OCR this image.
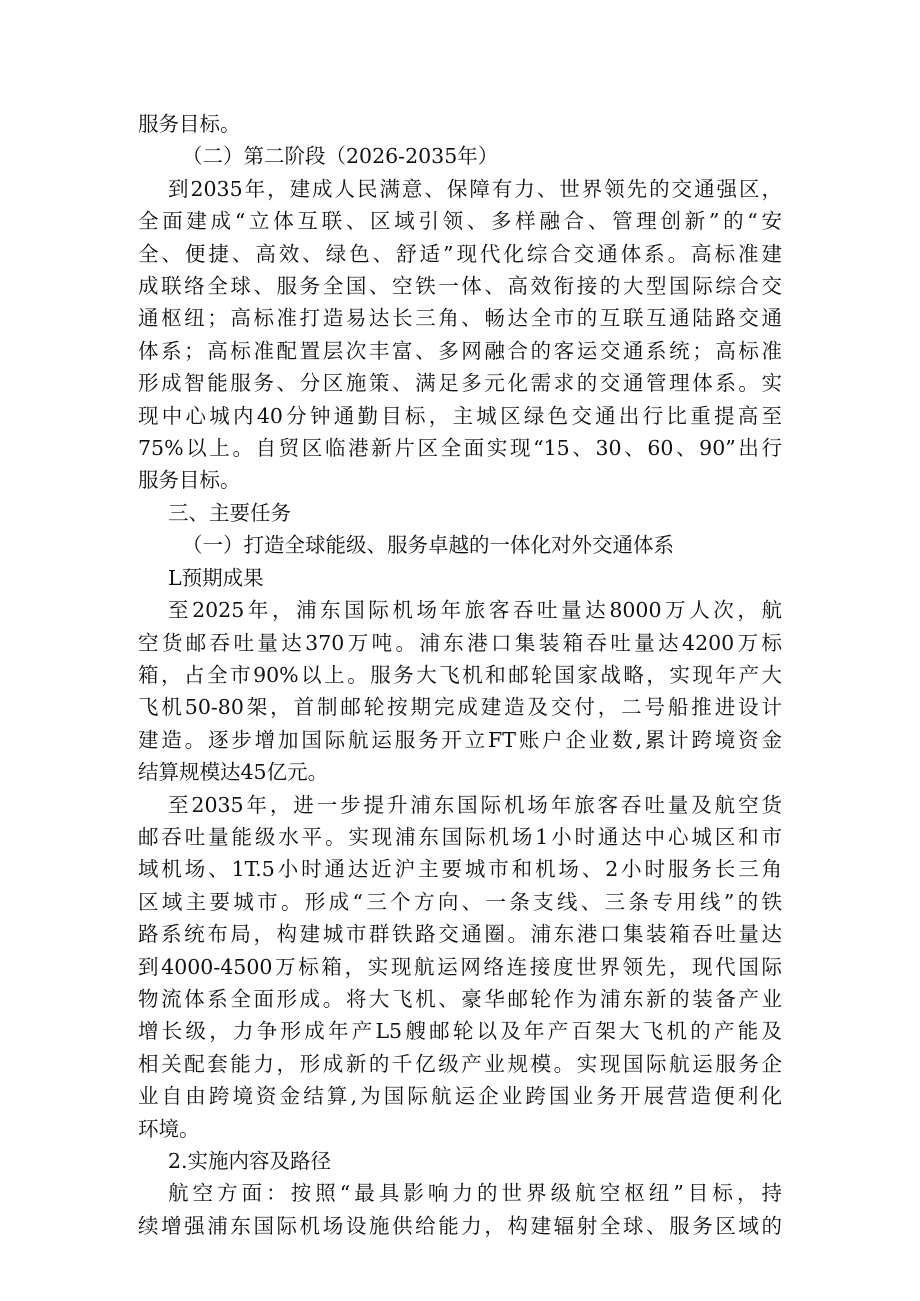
服务目标。
（二）第二阶段（2026-2035年）
到2035年，建成人民满意、保障有力、世界领先的交通强区，
全面建成“立体互联、区域引领、多样融合、管理创新”的“安
全、便捷、高效、绿色、舒适”现代化综合交通体系。高标准建
成联络全球、服务全国、空铁一体、高效衔接的大型国际综合交
通枢纽；高标准打造易达长三角、畅达全市的互联互通陆路交通
体系；高标准配置层次丰富、多网融合的客运交通系统；高标准
形成智能服务、分区施策、满足多元化需求的交通管理体系。实
现中心城内40分钟通勤目标，主城区绿色交通出行比重提高至
75%以上。自贸区临港新片区全面实现“15、30、60、90”出行
服务目标。
三、主要任务
（一）打造全球能级、服务卓越的一体化对外交通体系
L预期成果
至2025年，浦东国际机场年旅客吞吐量达8000万人次，航
空货邮吞吐量达370万吨。浦东港口集装箱吞吐量达4200万标
箱，占全市90%以上。服务大飞机和邮轮国家战略，实现年产大
飞机50-80架，首制邮轮按期完成建造及交付，二号船推进设计
建造。逐步增加国际航运服务开立FT账户企业数,累计跨境资金
结算规模达45亿元。
至2035年，进一步提升浦东国际机场年旅客吞吐量及航空货
邮吞吐量能级水平。实现浦东国际机场1小时通达中心城区和市
域机场、1T.5小时通达近沪主要城市和机场、2小时服务长三角
区域主要城市。形成“三个方向、一条支线、三条专用线”的铁
路系统布局，构建城市群铁路交通圈。浦东港口集装箱吞吐量达
到4000-4500万标箱，实现航运网络连接度世界领先，现代国际
物流体系全面形成。将大飞机、豪华邮轮作为浦东新的装备产业
增长级，力争形成年产L5艘邮轮以及年产百架大飞机的产能及
相关配套能力，形成新的千亿级产业规模。实现国际航运服务企
业自由跨境资金结算,为国际航运企业跨国业务开展营造便利化
环境。
2.实施内容及路径
航空方面：按照“最具影响力的世界级航空枢纽”目标，持
续增强浦东国际机场设施供给能力，构建辐射全球、服务区域的
